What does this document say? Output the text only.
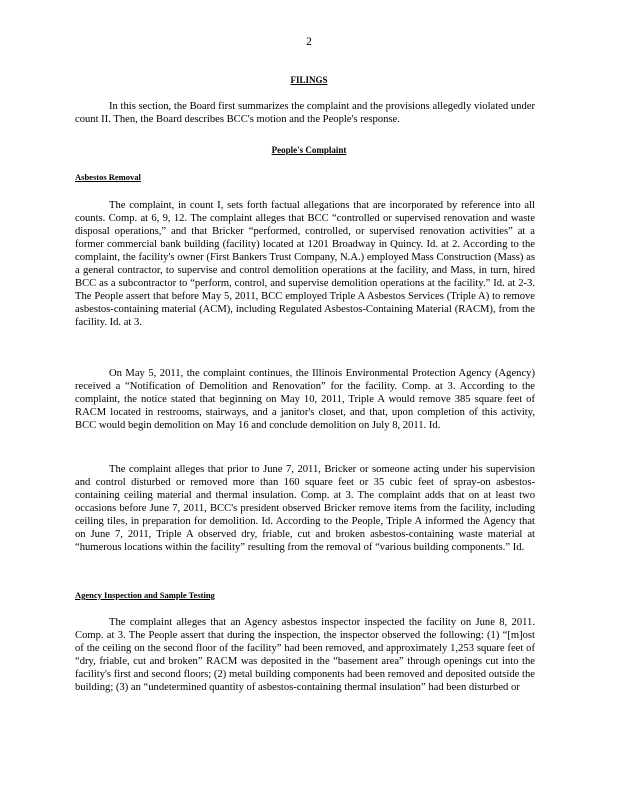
2
FILINGS

In this section, the Board first summarizes the complaint and the provisions allegedly violated under count II. Then, the Board describes BCC's motion and the People's response.

People's Complaint
Asbestos Removal

The complaint, in count I, sets forth factual allegations that are incorporated by reference into all counts. Comp. at 6, 9, 12. The complaint alleges that BCC “controlled or supervised renovation and waste disposal operations,” and that Bricker “performed, controlled, or supervised renovation activities” at a former commercial bank building (facility) located at 1201 Broadway in Quincy. Id. at 2. According to the complaint, the facility's owner (First Bankers Trust Company, N.A.) employed Mass Construction (Mass) as a general contractor, to supervise and control demolition operations at the facility, and Mass, in turn, hired BCC as a subcontractor to “perform, control, and supervise demolition operations at the facility.” Id. at 2-3. The People assert that before May 5, 2011, BCC employed Triple A Asbestos Services (Triple A) to remove asbestos-containing material (ACM), including Regulated Asbestos-Containing Material (RACM), from the facility. Id. at 3.

On May 5, 2011, the complaint continues, the Illinois Environmental Protection Agency (Agency) received a “Notification of Demolition and Renovation” for the facility. Comp. at 3. According to the complaint, the notice stated that beginning on May 10, 2011, Triple A would remove 385 square feet of RACM located in restrooms, stairways, and a janitor's closet, and that, upon completion of this activity, BCC would begin demolition on May 16 and conclude demolition on July 8, 2011. Id.

The complaint alleges that prior to June 7, 2011, Bricker or someone acting under his supervision and control disturbed or removed more than 160 square feet or 35 cubic feet of spray-on asbestos-containing ceiling material and thermal insulation. Comp. at 3. The complaint adds that on at least two occasions before June 7, 2011, BCC's president observed Bricker remove items from the facility, including ceiling tiles, in preparation for demolition. Id. According to the People, Triple A informed the Agency that on June 7, 2011, Triple A observed dry, friable, cut and broken asbestos-containing waste material at “humerous locations within the facility” resulting from the removal of “various building components.” Id.

Agency Inspection and Sample Testing

The complaint alleges that an Agency asbestos inspector inspected the facility on June 8, 2011. Comp. at 3. The People assert that during the inspection, the inspector observed the following: (1) “[m]ost of the ceiling on the second floor of the facility” had been removed, and approximately 1,253 square feet of “dry, friable, cut and broken” RACM was deposited in the “basement area” through openings cut into the facility's first and second floors; (2) metal building components had been removed and deposited outside the building; (3) an “undetermined quantity of asbestos-containing thermal insulation” had been disturbed or
